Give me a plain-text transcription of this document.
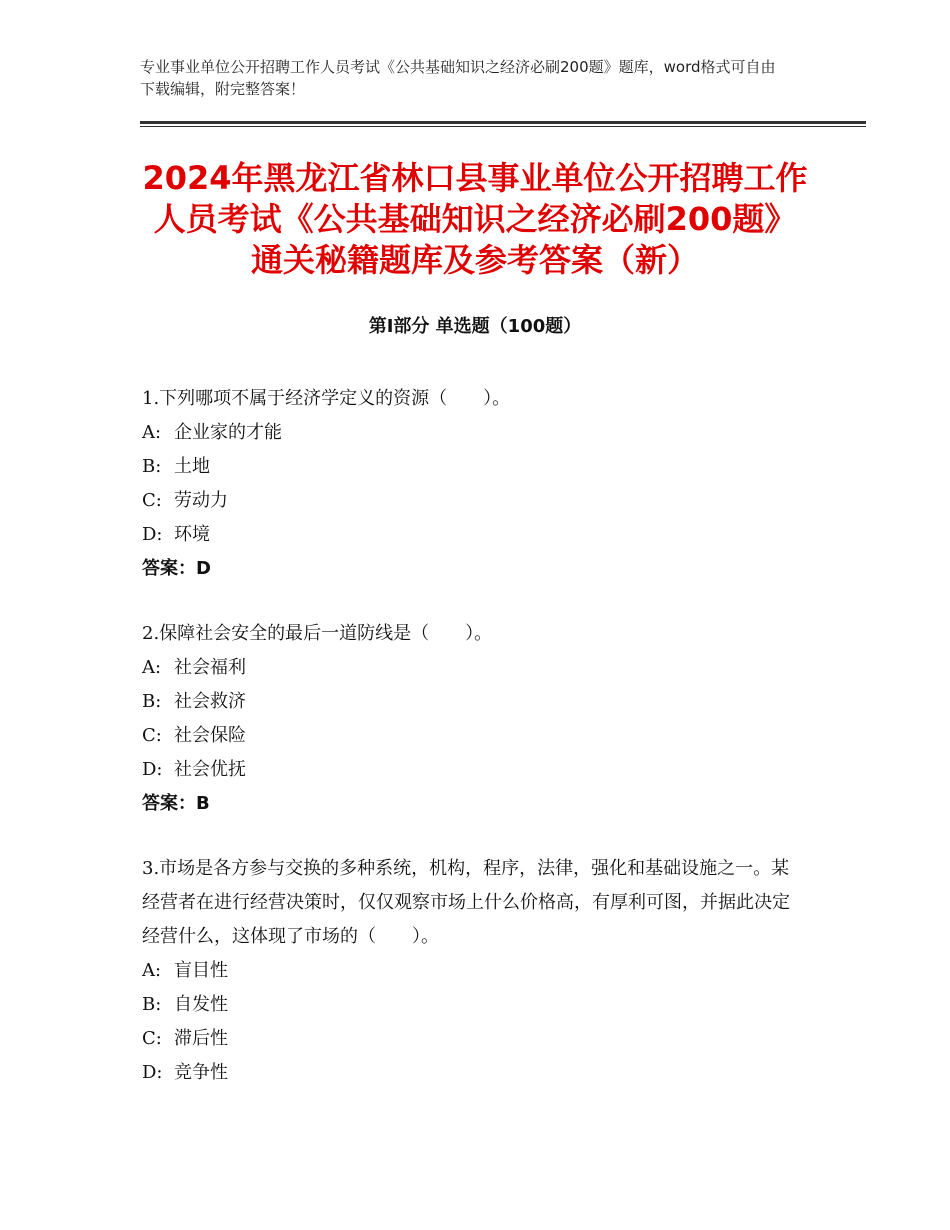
专业事业单位公开招聘工作人员考试《公共基础知识之经济必刷200题》题库，word格式可自由下载编辑，附完整答案！
2024年黑龙江省林口县事业单位公开招聘工作人员考试《公共基础知识之经济必刷200题》通关秘籍题库及参考答案（新）
第Ⅰ部分 单选题（100题）

1.下列哪项不属于经济学定义的资源（　　）。

A: 企业家的才能

B: 土地

C: 劳动力

D: 环境

答案：D

2.保障社会安全的最后一道防线是（　　）。

A: 社会福利

B: 社会救济

C: 社会保险

D: 社会优抚

答案：B

3.市场是各方参与交换的多种系统，机构，程序，法律，强化和基础设施之一。某经营者在进行经营决策时，仅仅观察市场上什么价格高，有厚利可图，并据此决定经营什么，这体现了市场的（　　）。

A: 盲目性

B: 自发性

C: 滞后性

D: 竞争性
